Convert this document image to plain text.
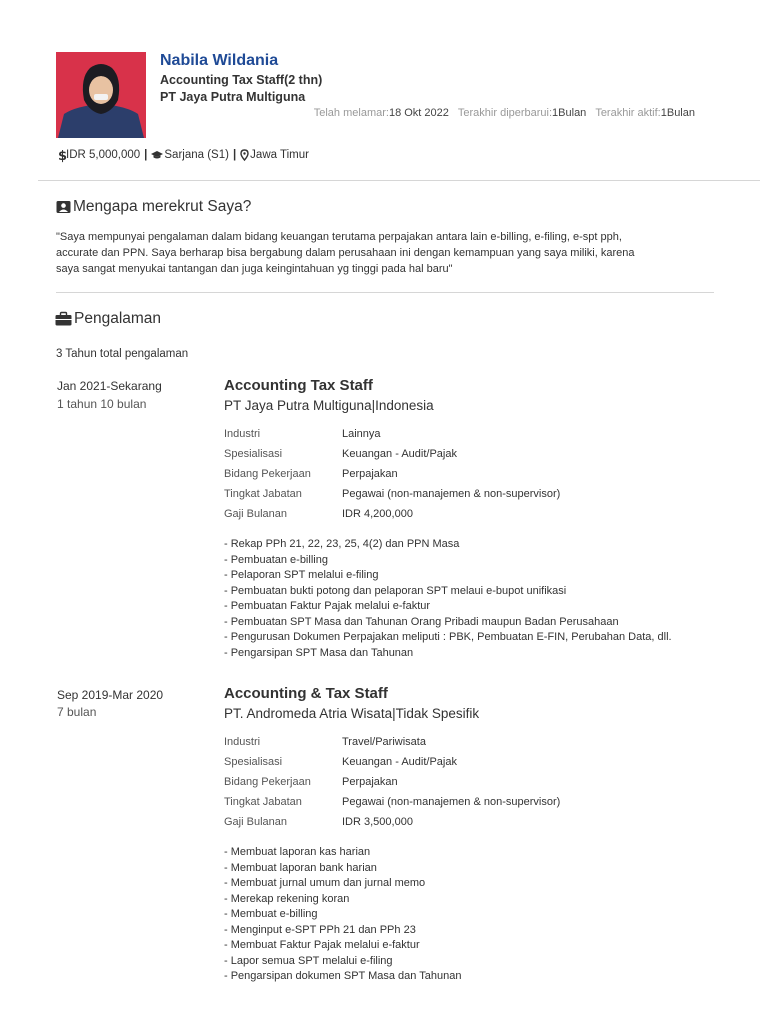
Nabila Wildania
Accounting Tax Staff(2 thn)
PT Jaya Putra Multiguna
Telah melamar:18 Okt 2022 Terakhir diperbarui:1Bulan Terakhir aktif:1Bulan
$
IDR 5,000,000 | Sarjana (S1) | Jawa Timur
Mengapa merekrut Saya?
"Saya mempunyai pengalaman dalam bidang keuangan terutama perpajakan antara lain e-billing, e-filing, e-spt pph, accurate dan PPN. Saya berharap bisa bergabung dalam perusahaan ini dengan kemampuan yang saya miliki, karena saya sangat menyukai tantangan dan juga keingintahuan yg tinggi pada hal baru"
Pengalaman
3 Tahun total pengalaman
Jan 2021-Sekarang
1 tahun 10 bulan
Accounting Tax Staff
PT Jaya Putra Multiguna|Indonesia
Industri	Lainnya
Spesialisasi	Keuangan - Audit/Pajak
Bidang Pekerjaan	Perpajakan
Tingkat Jabatan	Pegawai (non-manajemen & non-supervisor)
Gaji Bulanan	IDR 4,200,000
- Rekap PPh 21, 22, 23, 25, 4(2) dan PPN Masa
- Pembuatan e-billing
- Pelaporan SPT melalui e-filing
- Pembuatan bukti potong dan pelaporan SPT melaui e-bupot unifikasi
- Pembuatan Faktur Pajak melalui e-faktur
- Pembuatan SPT Masa dan Tahunan Orang Pribadi maupun Badan Perusahaan
- Pengurusan Dokumen Perpajakan meliputi : PBK, Pembuatan E-FIN, Perubahan Data, dll.
- Pengarsipan SPT Masa dan Tahunan
Sep 2019-Mar 2020
7 bulan
Accounting & Tax Staff
PT. Andromeda Atria Wisata|Tidak Spesifik
Industri	Travel/Pariwisata
Spesialisasi	Keuangan - Audit/Pajak
Bidang Pekerjaan	Perpajakan
Tingkat Jabatan	Pegawai (non-manajemen & non-supervisor)
Gaji Bulanan	IDR 3,500,000
- Membuat laporan kas harian
- Membuat laporan bank harian
- Membuat jurnal umum dan jurnal memo
- Merekap rekening koran
- Membuat e-billing
- Menginput e-SPT PPh 21 dan PPh 23
- Membuat Faktur Pajak melalui e-faktur
- Lapor semua SPT melalui e-filing
- Pengarsipan dokumen SPT Masa dan Tahunan
